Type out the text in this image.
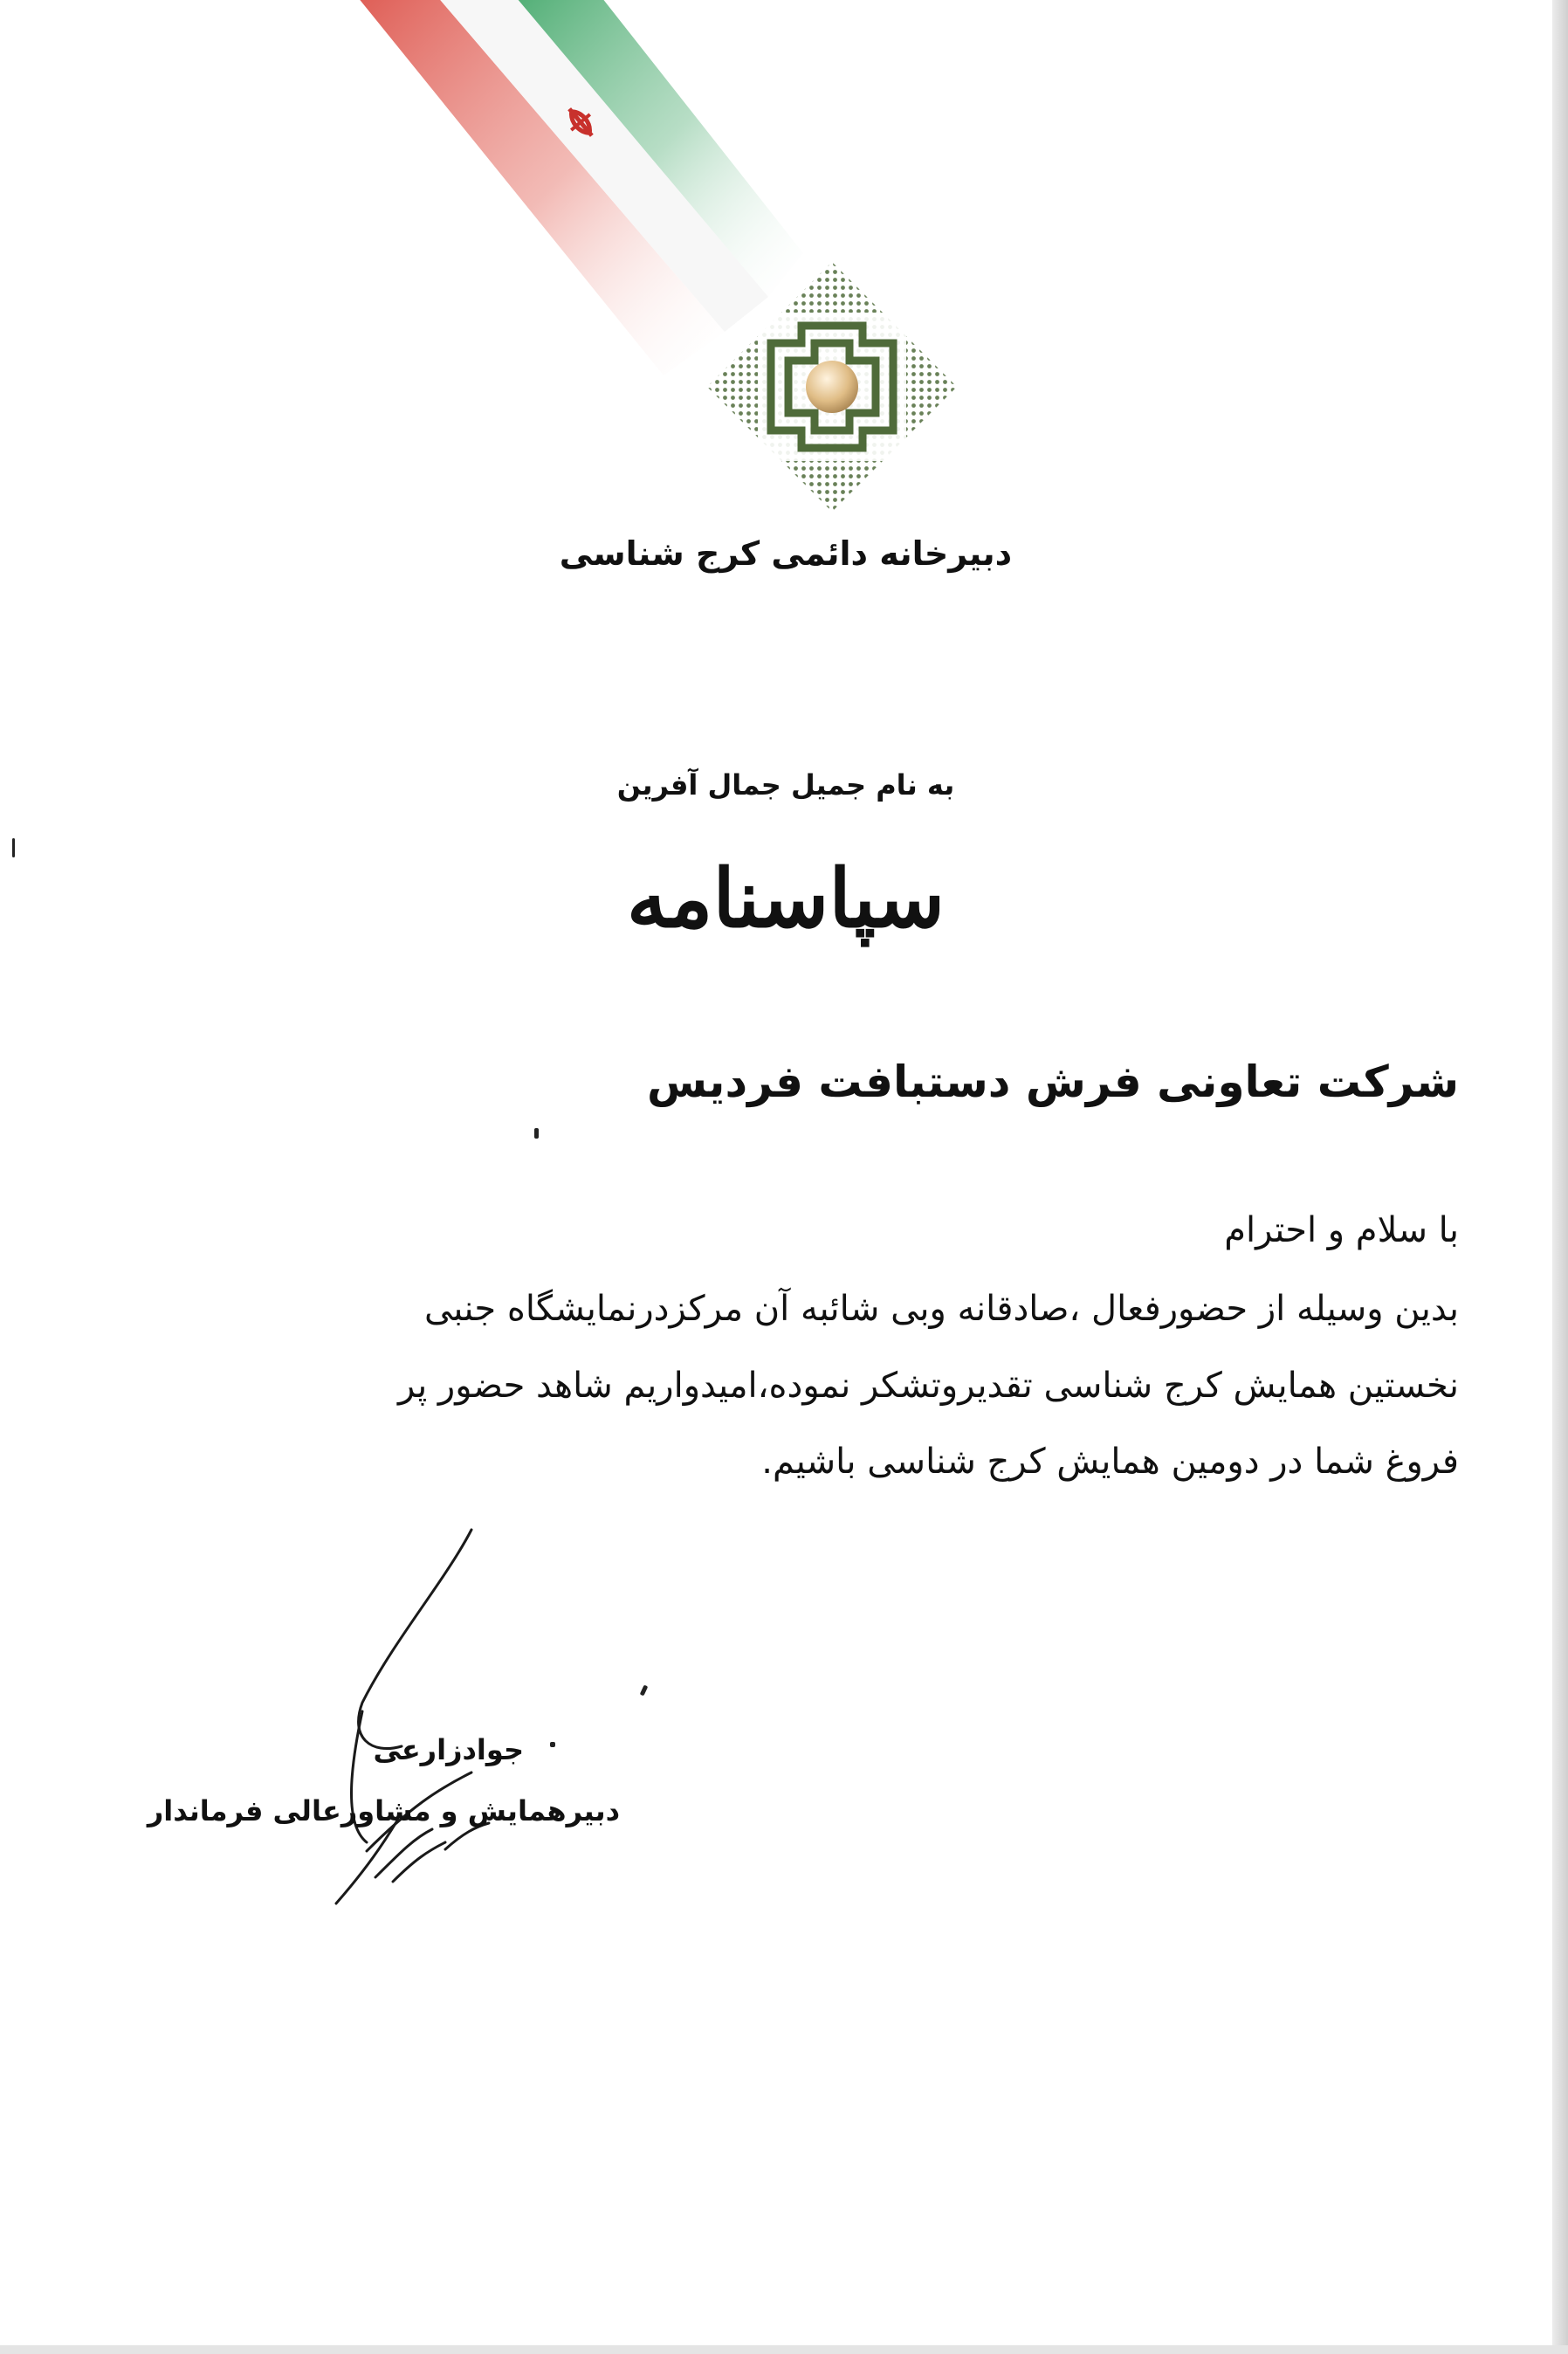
دبیرخانه دائمی کرج شناسی
به نام جمیل جمال آفرین
سپاسنامه
شرکت تعاونی فرش دستبافت فردیس
با سلام و احترام
بدین وسیله از حضورفعال ،صادقانه وبی شائبه آن مرکزدرنمایشگاه جنبی
نخستین همایش کرج شناسی تقدیروتشکر نموده،امیدواریم شاهد حضور پر
فروغ شما در دومین همایش کرج شناسی باشیم.
جوادزارعی
دبیرهمایش و مشاورعالی فرماندار
